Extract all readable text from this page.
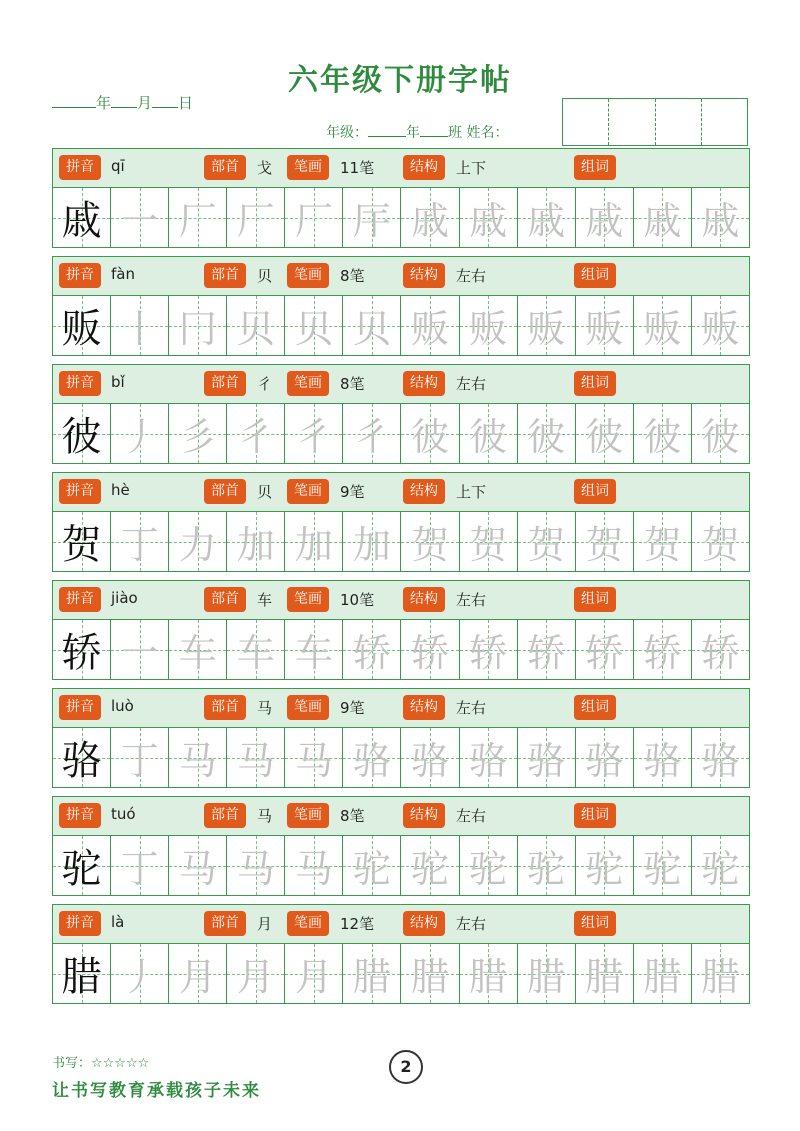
六年级下册字帖
年 月 日
年级：	年 班 姓名：
拼音	qī	部首	戈	笔画	11笔	结构	上下	组词
戚 一 厂 厂 厂 厈 戚 戚 戚 戚 戚 戚
拼音	fàn	部首	贝	笔画	8笔	结构	左右	组词
贩 丨 冂 贝 贝 贝 贩 贩 贩 贩 贩 贩
拼音	bǐ	部首	彳	笔画	8笔	结构	左右	组词
彼 丿 彡 彳 彳 彳 彼 彼 彼 彼 彼 彼
拼音	hè	部首	贝	笔画	9笔	结构	上下	组词
贺 丁 力 加 加 加 贺 贺 贺 贺 贺 贺
拼音	jiào	部首	车	笔画	10笔	结构	左右	组词
轿 一 车 车 车 轿 轿 轿 轿 轿 轿 轿
拼音	luò	部首	马	笔画	9笔	结构	左右	组词
骆 丁 马 马 马 骆 骆 骆 骆 骆 骆 骆
拼音	tuó	部首	马	笔画	8笔	结构	左右	组词
驼 丁 马 马 马 驼 驼 驼 驼 驼 驼 驼
拼音	là	部首	月	笔画	12笔	结构	左右	组词
腊 丿 月 月 月 腊 腊 腊 腊 腊 腊 腊
书写：☆☆☆☆☆
让书写教育承载孩子未来
2
